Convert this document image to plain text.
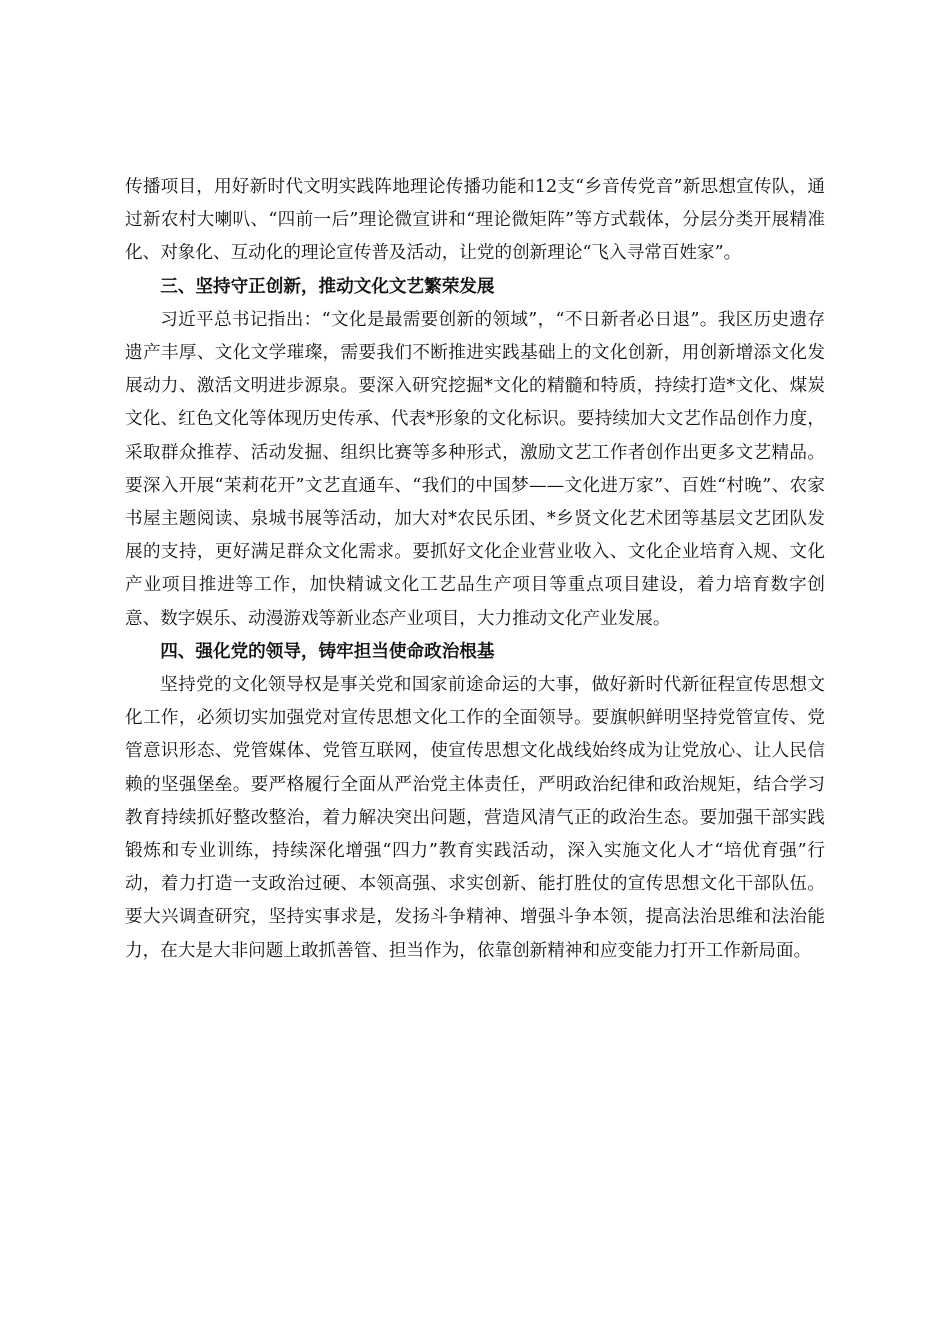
传播项目，用好新时代文明实践阵地理论传播功能和12支“乡音传党音”新思想宣传队，通过新农村大喇叭、“四前一后”理论微宣讲和“理论微矩阵”等方式载体，分层分类开展精准化、对象化、互动化的理论宣传普及活动，让党的创新理论“飞入寻常百姓家”。

三、坚持守正创新，推动文化文艺繁荣发展

习近平总书记指出：“文化是最需要创新的领域”，“不日新者必日退”。我区历史遗存遗产丰厚、文化文学璀璨，需要我们不断推进实践基础上的文化创新，用创新增添文化发展动力、激活文明进步源泉。要深入研究挖掘*文化的精髓和特质，持续打造*文化、煤炭文化、红色文化等体现历史传承、代表*形象的文化标识。要持续加大文艺作品创作力度，采取群众推荐、活动发掘、组织比赛等多种形式，激励文艺工作者创作出更多文艺精品。要深入开展“茉莉花开”文艺直通车、“我们的中国梦——文化进万家”、百姓“村晚”、农家书屋主题阅读、泉城书展等活动，加大对*农民乐团、*乡贤文化艺术团等基层文艺团队发展的支持，更好满足群众文化需求。要抓好文化企业营业收入、文化企业培育入规、文化产业项目推进等工作，加快精诚文化工艺品生产项目等重点项目建设，着力培育数字创意、数字娱乐、动漫游戏等新业态产业项目，大力推动文化产业发展。

四、强化党的领导，铸牢担当使命政治根基

坚持党的文化领导权是事关党和国家前途命运的大事，做好新时代新征程宣传思想文化工作，必须切实加强党对宣传思想文化工作的全面领导。要旗帜鲜明坚持党管宣传、党管意识形态、党管媒体、党管互联网，使宣传思想文化战线始终成为让党放心、让人民信赖的坚强堡垒。要严格履行全面从严治党主体责任，严明政治纪律和政治规矩，结合学习教育持续抓好整改整治，着力解决突出问题，营造风清气正的政治生态。要加强干部实践锻炼和专业训练，持续深化增强“四力”教育实践活动，深入实施文化人才“培优育强”行动，着力打造一支政治过硬、本领高强、求实创新、能打胜仗的宣传思想文化干部队伍。要大兴调查研究，坚持实事求是，发扬斗争精神、增强斗争本领，提高法治思维和法治能力，在大是大非问题上敢抓善管、担当作为，依靠创新精神和应变能力打开工作新局面。
